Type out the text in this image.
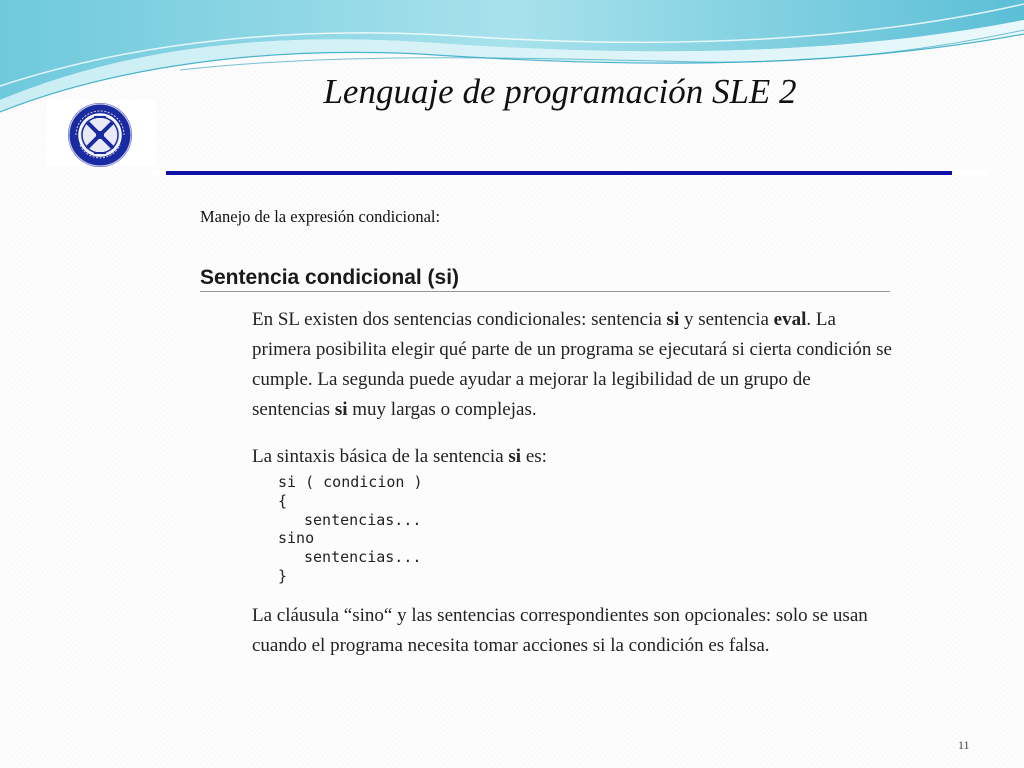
Lenguaje de programación SLE 2
Manejo de la expresión condicional:
Sentencia condicional (si)
En SL existen dos sentencias condicionales: sentencia si y sentencia eval. La primera posibilita elegir qué parte de un programa se ejecutará si cierta condición se cumple. La segunda puede ayudar a mejorar la legibilidad de un grupo de sentencias si muy largas o complejas.
La sintaxis básica de la sentencia si es:
si ( condicion )
{
sentencias...
sino
sentencias...
}
La cláusula “sino“ y las sentencias correspondientes son opcionales: solo se usan cuando el programa necesita tomar acciones si la condición es falsa.
11
